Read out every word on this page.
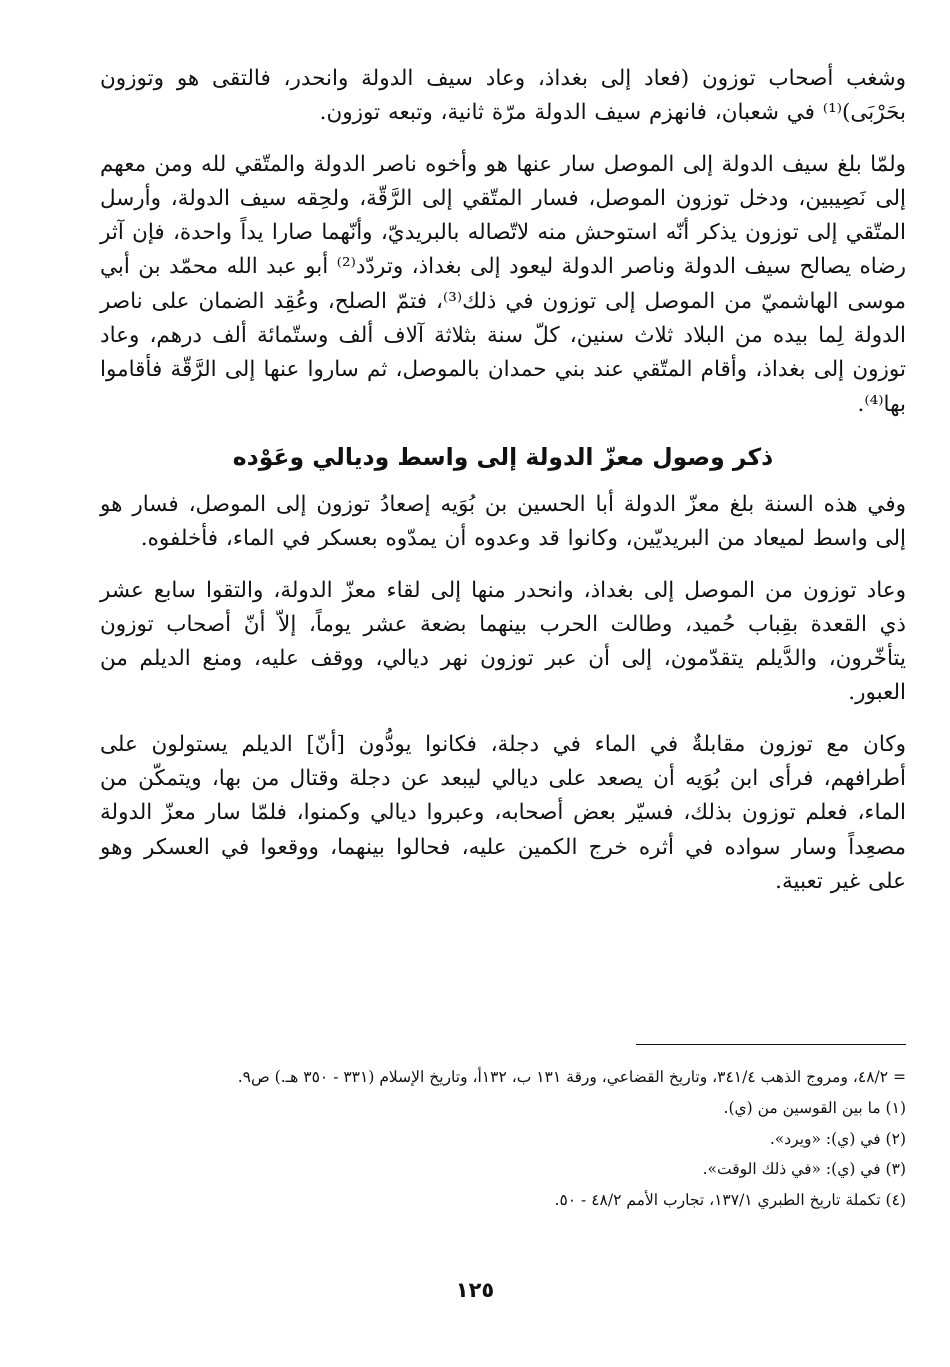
وشغب أصحاب توزون (فعاد إلى بغداذ، وعاد سيف الدولة وانحدر، فالتقى هو وتوزون بحَرْبَى)⁽¹⁾ في شعبان، فانهزم سيف الدولة مرّة ثانية، وتبعه توزون.

ولمّا بلغ سيف الدولة إلى الموصل سار عنها هو وأخوه ناصر الدولة والمتّقي لله ومن معهم إلى نَصِيبين، ودخل توزون الموصل، فسار المتّقي إلى الرَّقّة، ولحِقه سيف الدولة، وأرسل المتّقي إلى توزون يذكر أنّه استوحش منه لاتّصاله بالبريديّ، وأنّهما صارا يداً واحدة، فإن آثر رضاه يصالح سيف الدولة وناصر الدولة ليعود إلى بغداذ، وتردّد⁽²⁾ أبو عبد الله محمّد بن أبي موسى الهاشميّ من الموصل إلى توزون في ذلك⁽³⁾، فتمّ الصلح، وعُقِد الضمان على ناصر الدولة لِما بيده من البلاد ثلاث سنين، كلّ سنة بثلاثة آلاف ألف وستّمائة ألف درهم، وعاد توزون إلى بغداذ، وأقام المتّقي عند بني حمدان بالموصل، ثم ساروا عنها إلى الرَّقّة فأقاموا بها⁽⁴⁾.

ذكر وصول معزّ الدولة إلى واسط وديالي وعَوْده

وفي هذه السنة بلغ معزّ الدولة أبا الحسين بن بُوَيه إصعادُ توزون إلى الموصل، فسار هو إلى واسط لميعاد من البريديّين، وكانوا قد وعدوه أن يمدّوه بعسكر في الماء، فأخلفوه.

وعاد توزون من الموصل إلى بغداذ، وانحدر منها إلى لقاء معزّ الدولة، والتقوا سابع عشر ذي القعدة بقِباب حُميد، وطالت الحرب بينهما بضعة عشر يوماً، إلاّ أنّ أصحاب توزون يتأخّرون، والدَّيلم يتقدّمون، إلى أن عبر توزون نهر ديالي، ووقف عليه، ومنع الديلم من العبور.

وكان مع توزون مقابلةٌ في الماء في دجلة، فكانوا يودُّون [أنّ] الديلم يستولون على أطرافهم، فرأى ابن بُوَيه أن يصعد على ديالي ليبعد عن دجلة وقتال من بها، ويتمكّن من الماء، فعلم توزون بذلك، فسيّر بعض أصحابه، وعبروا ديالي وكمنوا، فلمّا سار معزّ الدولة مصعِداً وسار سواده في أثره خرج الكمين عليه، فحالوا بينهما، ووقعوا في العسكر وهو على غير تعبية.

= ٤٨/٢، ومروج الذهب ٣٤١/٤، وتاريخ القضاعي، ورقة ١٣١ ب، ١٣٢أ، وتاريخ الإسلام (٣٣١ - ٣٥٠ هـ.) ص٩.

(١) ما بين القوسين من (ي).

(٢) في (ي): «ويرد».

(٣) في (ي): «في ذلك الوقت».

(٤) تكملة تاريخ الطبري ١٣٧/١، تجارب الأمم ٤٨/٢ - ٥٠.

١٢٥
